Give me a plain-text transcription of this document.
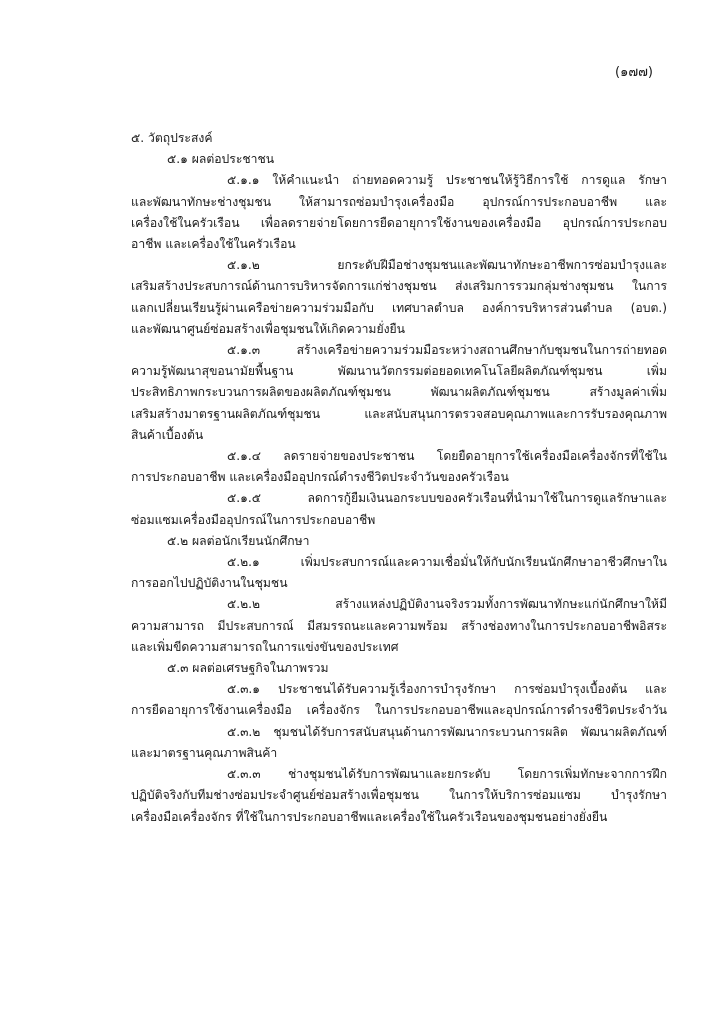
(๑๗๗)

๕. วัตถุประสงค์

๕.๑ ผลต่อประชาชน

๕.๑.๑ ให้คำแนะนำ ถ่ายทอดความรู้ ประชาชนให้รู้วิธีการใช้ การดูแล รักษา

และพัฒนาทักษะช่างชุมชน ให้สามารถซ่อมบำรุงเครื่องมือ อุปกรณ์การประกอบอาชีพ และ

เครื่องใช้ในครัวเรือน เพื่อลดรายจ่ายโดยการยืดอายุการใช้งานของเครื่องมือ อุปกรณ์การประกอบ

อาชีพ และเครื่องใช้ในครัวเรือน

๕.๑.๒ ยกระดับฝีมือช่างชุมชนและพัฒนาทักษะอาชีพการซ่อมบำรุงและ

เสริมสร้างประสบการณ์ด้านการบริหารจัดการแก่ช่างชุมชน ส่งเสริมการรวมกลุ่มช่างชุมชน ในการ

แลกเปลี่ยนเรียนรู้ผ่านเครือข่ายความร่วมมือกับ เทศบาลตำบล องค์การบริหารส่วนตำบล (อบต.)

และพัฒนาศูนย์ซ่อมสร้างเพื่อชุมชนให้เกิดความยั่งยืน

๕.๑.๓ สร้างเครือข่ายความร่วมมือระหว่างสถานศึกษากับชุมชนในการถ่ายทอด

ความรู้พัฒนาสุขอนามัยพื้นฐาน พัฒนานวัตกรรมต่อยอดเทคโนโลยีผลิตภัณฑ์ชุมชน เพิ่ม

ประสิทธิภาพกระบวนการผลิตของผลิตภัณฑ์ชุมชน พัฒนาผลิตภัณฑ์ชุมชน สร้างมูลค่าเพิ่ม

เสริมสร้างมาตรฐานผลิตภัณฑ์ชุมชน และสนับสนุนการตรวจสอบคุณภาพและการรับรองคุณภาพ

สินค้าเบื้องต้น

๕.๑.๔ ลดรายจ่ายของประชาชน โดยยืดอายุการใช้เครื่องมือเครื่องจักรที่ใช้ใน

การประกอบอาชีพ และเครื่องมืออุปกรณ์ดำรงชีวิตประจำวันของครัวเรือน

๕.๑.๕ ลดการกู้ยืมเงินนอกระบบของครัวเรือนที่นำมาใช้ในการดูแลรักษาและ

ซ่อมแซมเครื่องมืออุปกรณ์ในการประกอบอาชีพ

๕.๒ ผลต่อนักเรียนนักศึกษา

๕.๒.๑ เพิ่มประสบการณ์และความเชื่อมั่นให้กับนักเรียนนักศึกษาอาชีวศึกษาใน

การออกไปปฏิบัติงานในชุมชน

๕.๒.๒ สร้างแหล่งปฏิบัติงานจริงรวมทั้งการพัฒนาทักษะแก่นักศึกษาให้มี

ความสามารถ มีประสบการณ์ มีสมรรถนะและความพร้อม สร้างช่องทางในการประกอบอาชีพอิสระ

และเพิ่มขีดความสามารถในการแข่งขันของประเทศ

๕.๓ ผลต่อเศรษฐกิจในภาพรวม

๕.๓.๑ ประชาชนได้รับความรู้เรื่องการบำรุงรักษา การซ่อมบำรุงเบื้องต้น และ

การยืดอายุการใช้งานเครื่องมือ เครื่องจักร ในการประกอบอาชีพและอุปกรณ์การดำรงชีวิตประจำวัน

๕.๓.๒ ชุมชนได้รับการสนับสนุนด้านการพัฒนากระบวนการผลิต พัฒนาผลิตภัณฑ์

และมาตรฐานคุณภาพสินค้า

๕.๓.๓ ช่างชุมชนได้รับการพัฒนาและยกระดับ โดยการเพิ่มทักษะจากการฝึก

ปฏิบัติจริงกับทีมช่างซ่อมประจำศูนย์ซ่อมสร้างเพื่อชุมชน ในการให้บริการซ่อมแซม บำรุงรักษา

เครื่องมือเครื่องจักร ที่ใช้ในการประกอบอาชีพและเครื่องใช้ในครัวเรือนของชุมชนอย่างยั่งยืน
